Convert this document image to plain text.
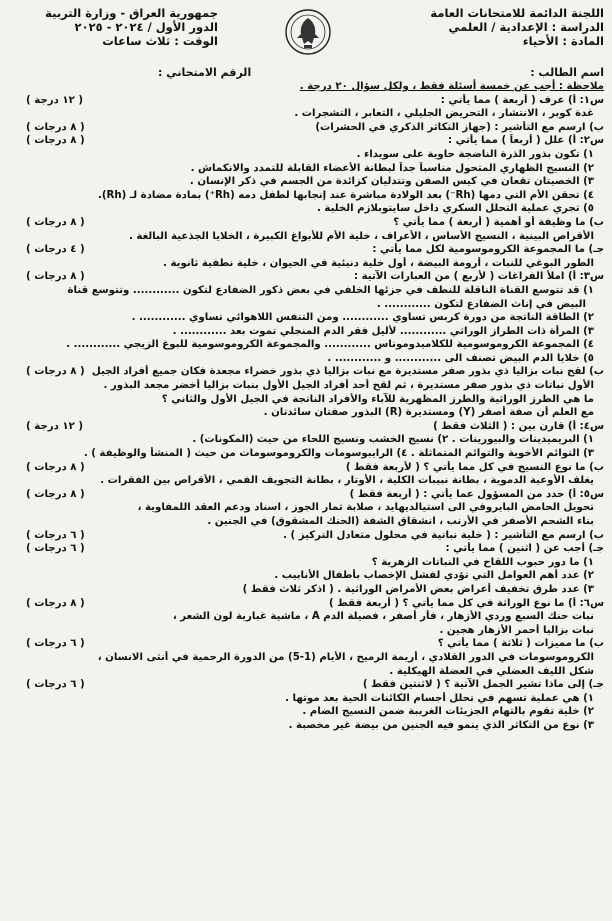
اللجنة الدائمة للامتحانات العامة
الدراسة : الإعدادية / العلمي
المادة : الأحياء
جمهورية العراق - وزارة التربية
الدور الأول / ٢٠٢٤ - ٢٠٢٥
الوقت : ثلاث ساعات
اسم الطالب :
الرقم الامتحاني :
ملاحظة : أجب عن خمسة أسئلة فقط ، ولكل سؤال ٢٠ درجة .
س١: أ) عرف ( أربعة ) مما يأتي :
( ١٢ درجة )
غدة كوبر ، الانتشار ، التحريض الجليلي ، التعابر ، التشجرات .
ب) ارسم مع التأشير : (جهاز التكاثر الذكري في الحشرات)
( ٨ درجات )
س٢: أ) علل ( أربعاً ) مما يأتي :
( ٨ درجات )
١) تكون بذور الذرة الناضجة حاوية على سويداء .
٢) النسيج الظهاري المتحول مناسباً جداً لبطانة الأعضاء القابلة للتمدد والانكماش .
٣) الخصيتان تقعان في كيس الصفن وتتدليان كزائدة من الجسم في ذكر الإنسان .
٤) تحقن الأم التي دمها (Rh⁻) بعد الولادة مباشرة عند إنجابها لطفل دمه (Rh⁺) بمادة مضادة لـ (Rh).
٥) تجري عملية التحلل السكري داخل سايتوبلازم الخلية .
ب) ما وظيفة أو أهمية ( أربعة ) مما يأتي ؟
( ٨ درجات )
الأقراص البينية ، النسيج الأساس ، الأعراف ، خلية الأم للأبواغ الكبيرة ، الخلايا الجذعية البالغة .
جـ) ما المجموعة الكروموسومية لكل مما يأتي :
( ٤ درجات )
الطور البوغي للنبات ، أرومة البيضة ، أول خلية دنيئية في الحيوان ، خلية نطفية ثانوية .
س٣: أ) املأ الفراغات ( لأربع ) من العبارات الآتية :
( ٨ درجات )
١) قد تتوسع القناة الناقلة للنطف في جزئها الخلفي في بعض ذكور الضفادع لتكون ............ وتتوسع قناة
البيض في إناث الضفادع لتكون ............ .
٢) الطاقة الناتجة من دورة كربس تساوي ............ ومن التنفس اللاهوائي تساوي ............ .
٣) المرأة ذات الطراز الوراثي ............ لأليل فقر الدم المنجلي تموت بعد ............ .
٤) المجموعة الكروموسومية للكلاميدوموناس ............ والمجموعة الكروموسومية للبوغ الزيجي ............ .
٥) خلايا الدم البيض تصنف الى ............ و ............ .
ب) لقح نبات بزاليا ذي بذور صفر مستديرة مع نبات بزاليا ذي بذور خضراء مجعدة فكان جميع أفراد الجيل
( ٨ درجات )
الأول نباتات ذي بذور صفر مستديرة ، ثم لقح أحد أفراد الجيل الأول بنبات بزاليا أخضر مجعد البذور .
ما هي الطرز الوراثية والطرز المظهرية للآباء والأفراد الناتجة في الجيل الأول والثاني ؟
مع العلم أن صفة أصفر (Y) ومستديرة (R) البذور صفتان سائدتان .
س٤: أ) قارن بين : ( الثلاث فقط )
( ١٢ درجة )
١) البريميدينات والبيورينات . ٢) نسيج الخشب ونسيج اللحاء من حيث (المكونات) .
٣) التوائم الأخوية والتوائم المتماثلة . ٤) الرايبوسومات والكروموسومات من حيث ( المنشأ والوظيفة ) .
ب) ما نوع النسيج في كل مما يأتي ؟ ( لأربعة فقط )
( ٨ درجات )
يغلف الأوعية الدموية ، بطانة نبيبات الكلية ، الأوتار ، بطانة التجويف الفمي ، الأقراص بين الفقرات .
س٥: أ) حدد من المسؤول عما يأتي : ( أربعة فقط )
( ٨ درجات )
تحويل الحامض البايروفي الى استيالديهايد ، صلابة ثمار الجوز ، اسناد ودعم العقد اللمفاوية ،
بناء الشحم الأصفر في الأرنب ، انشقاق الشفة (الحنك المشقوق) في الجنين .
ب) ارسم مع التأشير : ( خلية نباتية في محلول متعادل التركيز ) .
( ٦ درجات )
جـ) أجب عن ( اثنين ) مما يأتي :
( ٦ درجات )
١) ما دور حبوب اللقاح في النباتات الزهرية ؟
٢) عدد أهم العوامل التي تؤدي لفشل الإخصاب بأطفال الأنابيب .
٣) عدد طرق تخفيف أعراض بعض الأمراض الوراثية . ( اذكر ثلاث فقط )
س٦: أ) ما نوع الوراثة في كل مما يأتي ؟ ( أربعة فقط )
( ٨ درجات )
نبات حنك السبع وردي الأزهار ، فأر أصفر ، فصيلة الدم A ، ماشية غبارية لون الشعر ،
نبات بزاليا أحمر الأزهار هجين .
ب) ما مميزات ( ثلاثة ) مما يأتي ؟
( ٦ درجات )
الكروموسومات في الدور القلادي ، أريمة الرميح ، الأيام (1-5) من الدورة الرحمية في أنثى الانسان ،
شكل الليف العضلي في العضلة الهيكلية .
جـ) إلى ماذا تشير الجمل الآتية ؟ ( لاثنتين فقط )
( ٦ درجات )
١) هي عملية تسهم في تحلل أجسام الكائنات الحية بعد موتها .
٢) خلية تقوم بالتهام الجزيئات الغريبة ضمن النسيج الضام .
٣) نوع من التكاثر الذي ينمو فيه الجنين من بيضة غير مخصبة .
